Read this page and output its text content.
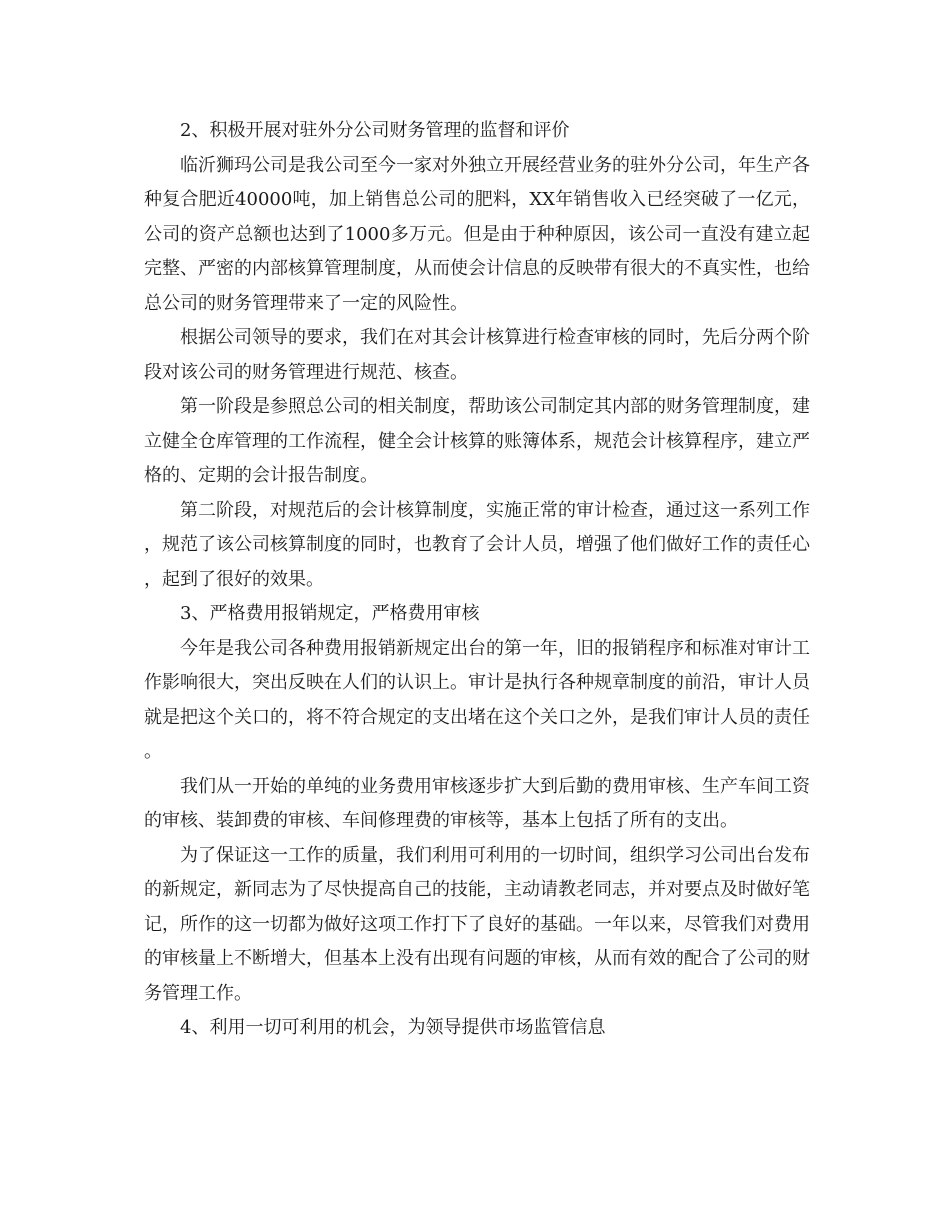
2、积极开展对驻外分公司财务管理的监督和评价

临沂狮玛公司是我公司至今一家对外独立开展经营业务的驻外分公司，年生产各种复合肥近40000吨，加上销售总公司的肥料，XX年销售收入已经突破了一亿元，公司的资产总额也达到了1000多万元。但是由于种种原因，该公司一直没有建立起完整、严密的内部核算管理制度，从而使会计信息的反映带有很大的不真实性，也给总公司的财务管理带来了一定的风险性。

根据公司领导的要求，我们在对其会计核算进行检查审核的同时，先后分两个阶段对该公司的财务管理进行规范、核查。

第一阶段是参照总公司的相关制度，帮助该公司制定其内部的财务管理制度，建立健全仓库管理的工作流程，健全会计核算的账簿体系，规范会计核算程序，建立严格的、定期的会计报告制度。

第二阶段，对规范后的会计核算制度，实施正常的审计检查，通过这一系列工作，规范了该公司核算制度的同时，也教育了会计人员，增强了他们做好工作的责任心，起到了很好的效果。

3、严格费用报销规定，严格费用审核

今年是我公司各种费用报销新规定出台的第一年，旧的报销程序和标准对审计工作影响很大，突出反映在人们的认识上。审计是执行各种规章制度的前沿，审计人员就是把这个关口的，将不符合规定的支出堵在这个关口之外，是我们审计人员的责任。

我们从一开始的单纯的业务费用审核逐步扩大到后勤的费用审核、生产车间工资的审核、装卸费的审核、车间修理费的审核等，基本上包括了所有的支出。

为了保证这一工作的质量，我们利用可利用的一切时间，组织学习公司出台发布的新规定，新同志为了尽快提高自己的技能，主动请教老同志，并对要点及时做好笔记，所作的这一切都为做好这项工作打下了良好的基础。一年以来，尽管我们对费用的审核量上不断增大，但基本上没有出现有问题的审核，从而有效的配合了公司的财务管理工作。

4、利用一切可利用的机会，为领导提供市场监管信息
